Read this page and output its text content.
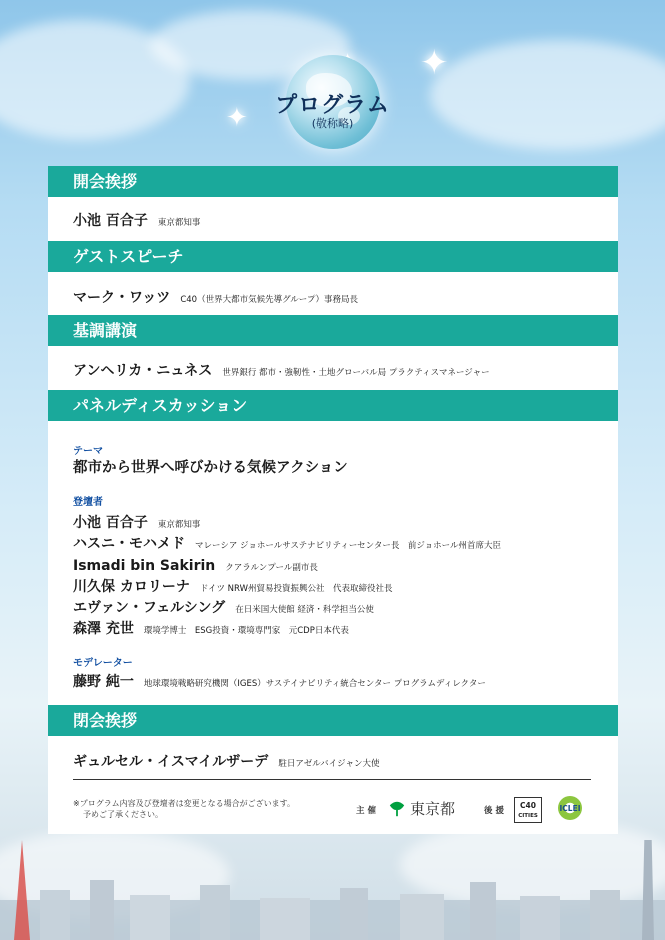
✦
✦	プログラム
(敬称略)
開会挨拶
小池 百合子 東京都知事
ゲストスピーチ
マーク・ワッツ C40（世界大都市気候先導グループ）事務局長
基調講演
アンヘリカ・ニュネス 世界銀行 都市・強靭性・土地グローバル局 プラクティスマネージャー
パネルディスカッション
テーマ
都市から世界へ呼びかける気候アクション
登壇者
小池 百合子 東京都知事
ハスニ・モハメド マレーシア ジョホールサステナビリティーセンター長　前ジョホール州首席大臣
Ismadi bin Sakirin クアラルンプール副市長
川久保 カロリーナ ドイツ NRW州貿易投資振興公社　代表取締役社長
エヴァン・フェルシング 在日米国大使館 経済・科学担当公使
森澤 充世 環境学博士　ESG投資・環境専門家　元CDP日本代表
モデレーター
藤野 純一 地球環境戦略研究機関（IGES）サステイナビリティ統合センター プログラムディレクター
閉会挨拶
ギュルセル・イスマイルザーデ 駐日アゼルバイジャン大使
※プログラム内容及び登壇者は変更となる場合がございます。
予めご了承ください。	主 催 東京都	後 援
C40
CITIES
ICLEI
